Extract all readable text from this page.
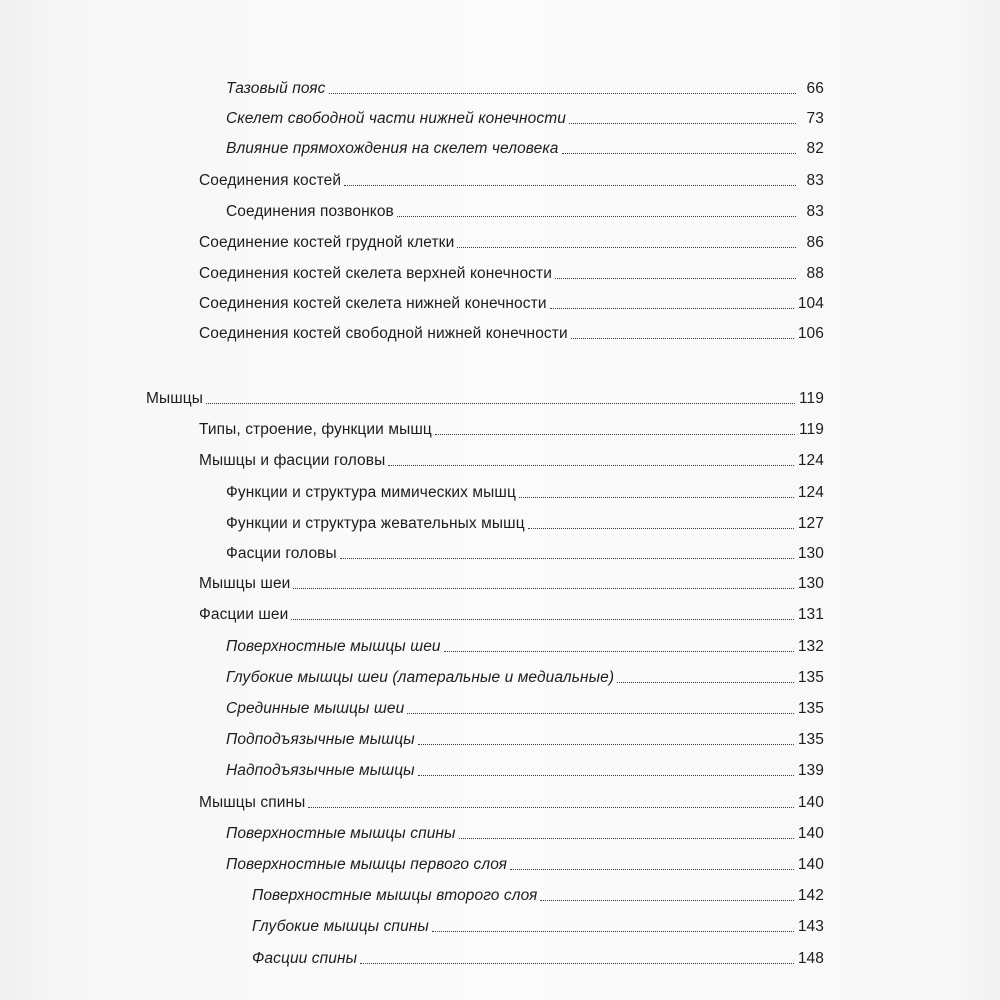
Тазовый пояс	66
Скелет свободной части нижней конечности	73
Влияние прямохождения на скелет человека	82
Соединения костей	83
Соединения позвонков	83
Соединение костей грудной клетки	86
Соединения костей скелета верхней конечности	88
Соединения костей скелета нижней конечности	104
Соединения костей свободной нижней конечности	106
Мышцы	119
Типы, строение, функции мышц	119
Мышцы и фасции головы	124
Функции и структура мимических мышц	124
Функции и структура жевательных мышц	127
Фасции головы	130
Мышцы шеи	130
Фасции шеи	131
Поверхностные мышцы шеи	132
Глубокие мышцы шеи (латеральные и медиальные)	135
Срединные мышцы шеи	135
Подподъязычные мышцы	135
Надподъязычные мышцы	139
Мышцы спины	140
Поверхностные мышцы спины	140
Поверхностные мышцы первого слоя	140
Поверхностные мышцы второго слоя	142
Глубокие мышцы спины	143
Фасции спины	148
